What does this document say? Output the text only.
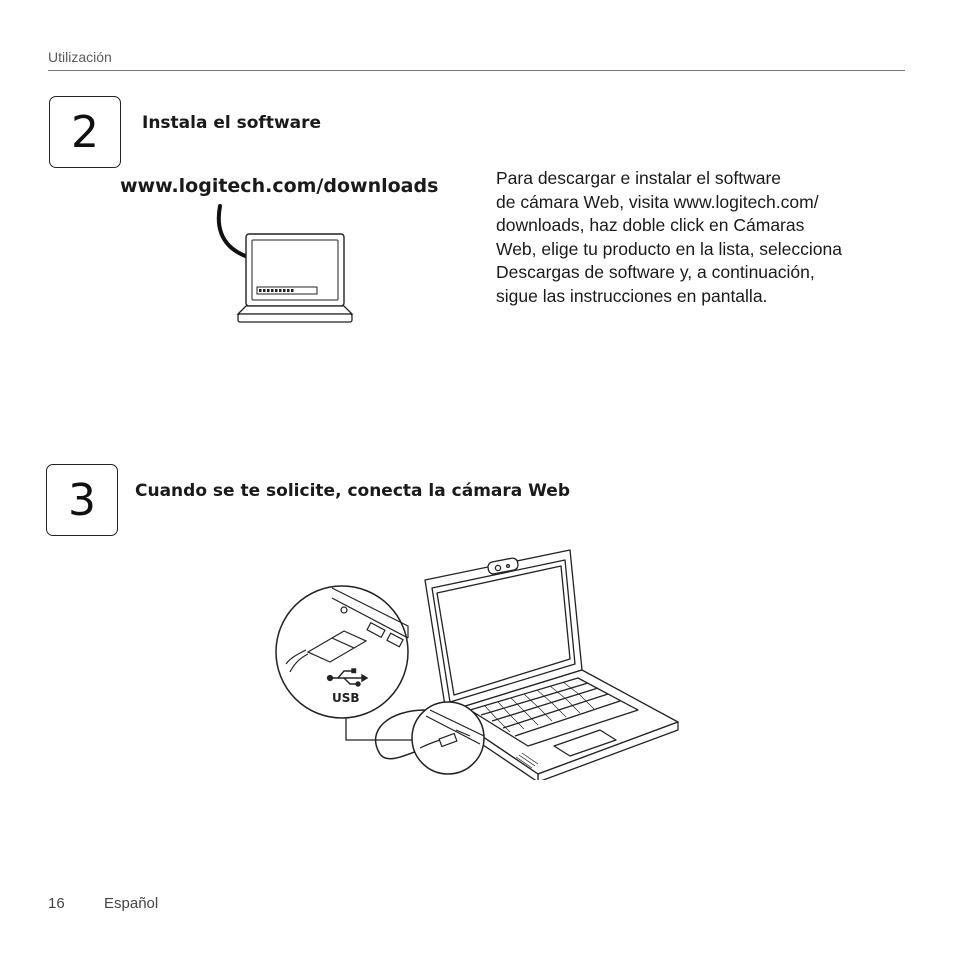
Utilización
2	Instala el software
www.logitech.com/downloads	Para descargar e instalar el software
de cámara Web, visita www.logitech.com/
downloads, haz doble click en Cámaras
Web, elige tu producto en la lista, selecciona
Descargas de software y, a continuación,
sigue las instrucciones en pantalla.
3 Cuando se te solicite, conecta la cámara Web
USB
16	Español
